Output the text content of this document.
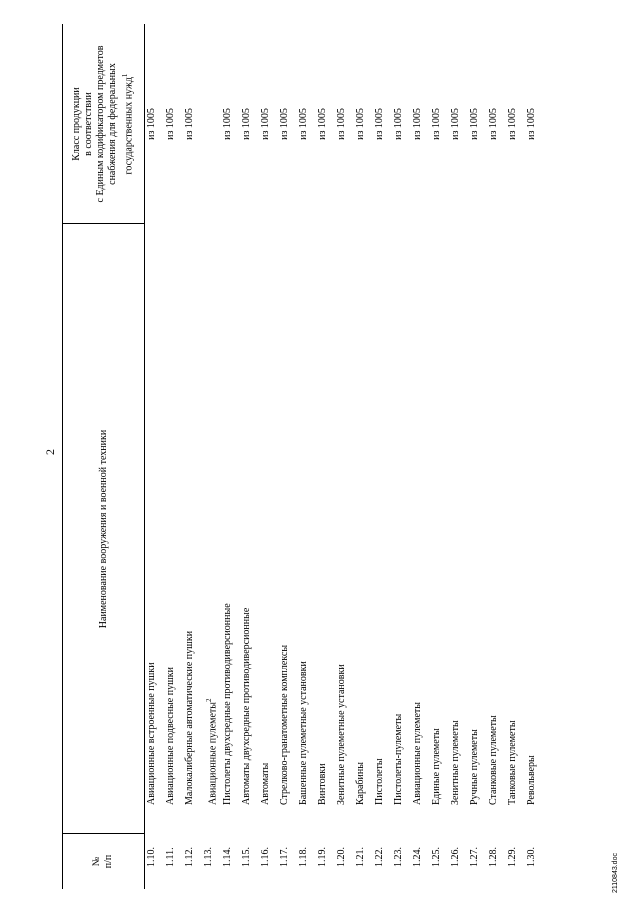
2
№ п/п
Наименование вооружения и военной техники
Класс продукции в соответствии с Единым кодификатором предметов снабжения для федеральных государственных нужд$^1$
1.10.
Авиационные встроенные пушки
из 1005
1.11.
Авиационные подвесные пушки
из 1005
1.12.
Малокалиберные автоматические пушки
из 1005
1.13.
Авиационные пулеметы$^2$
1.14.
Пистолеты двухсредные противодиверсионные
из 1005
1.15.
Автоматы двухсредные противодиверсионные
из 1005
1.16.
Автоматы
из 1005
1.17.
Стрелково-гранатометные комплексы
из 1005
1.18.
Башенные пулеметные установки
из 1005
1.19.
Винтовки
из 1005
1.20.
Зенитные пулеметные установки
из 1005
1.21.
Карабины
из 1005
1.22.
Пистолеты
из 1005
1.23.
Пистолеты-пулеметы
из 1005
1.24.
Авиационные пулеметы
из 1005
1.25.
Единые пулеметы
из 1005
1.26.
Зенитные пулеметы
из 1005
1.27.
Ручные пулеметы
из 1005
1.28.
Станковые пулеметы
из 1005
1.29.
Танковые пулеметы
из 1005
1.30.
Револьверы
из 1005
2110843.doc
